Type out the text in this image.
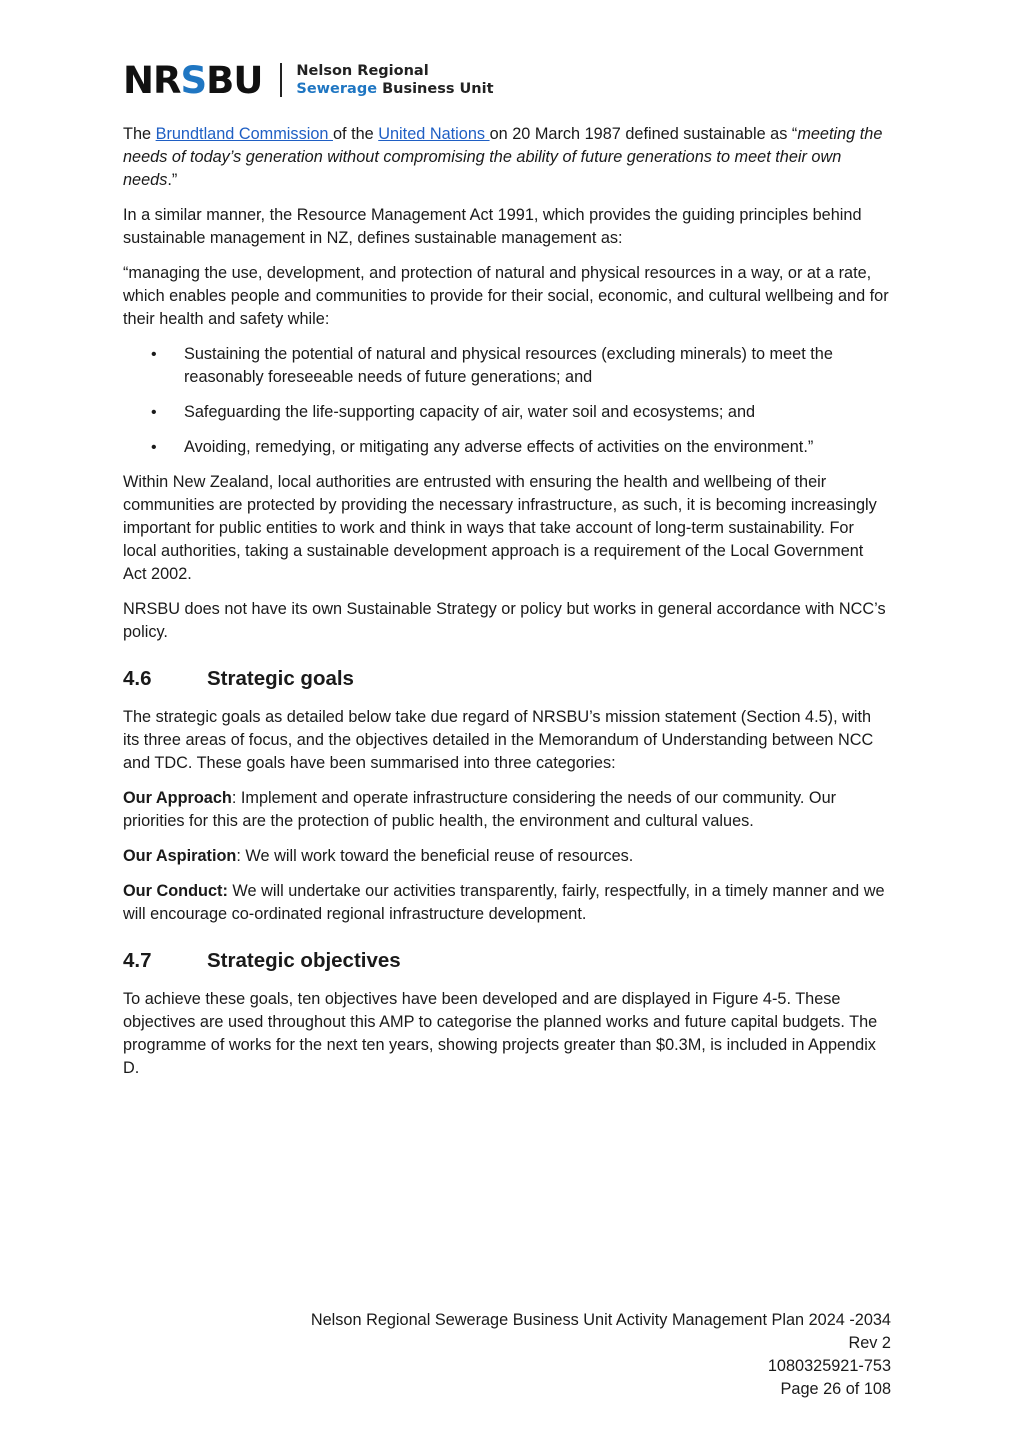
NRSBU Nelson Regional
Sewerage Business Unit

The Brundtland Commission of the United Nations on 20 March 1987 defined sustainable as “meeting the needs of today’s generation without compromising the ability of future generations to meet their own needs.”

In a similar manner, the Resource Management Act 1991, which provides the guiding principles behind sustainable management in NZ, defines sustainable management as:

“managing the use, development, and protection of natural and physical resources in a way, or at a rate, which enables people and communities to provide for their social, economic, and cultural wellbeing and for their health and safety while:

• Sustaining the potential of natural and physical resources (excluding minerals) to meet the reasonably foreseeable needs of future generations; and
• Safeguarding the life-supporting capacity of air, water soil and ecosystems; and
• Avoiding, remedying, or mitigating any adverse effects of activities on the environment.”

Within New Zealand, local authorities are entrusted with ensuring the health and wellbeing of their communities are protected by providing the necessary infrastructure, as such, it is becoming increasingly important for public entities to work and think in ways that take account of long-term sustainability. For local authorities, taking a sustainable development approach is a requirement of the Local Government Act 2002.

NRSBU does not have its own Sustainable Strategy or policy but works in general accordance with NCC’s policy.

4.6	Strategic goals

The strategic goals as detailed below take due regard of NRSBU’s mission statement (Section 4.5), with its three areas of focus, and the objectives detailed in the Memorandum of Understanding between NCC and TDC. These goals have been summarised into three categories:

Our Approach: Implement and operate infrastructure considering the needs of our community. Our priorities for this are the protection of public health, the environment and cultural values.

Our Aspiration: We will work toward the beneficial reuse of resources.

Our Conduct: We will undertake our activities transparently, fairly, respectfully, in a timely manner and we will encourage co-ordinated regional infrastructure development.

4.7	Strategic objectives

To achieve these goals, ten objectives have been developed and are displayed in Figure 4-5. These objectives are used throughout this AMP to categorise the planned works and future capital budgets. The programme of works for the next ten years, showing projects greater than $0.3M, is included in Appendix D.

Nelson Regional Sewerage Business Unit Activity Management Plan 2024 -2034
Rev 2
1080325921-753
Page 26 of 108
